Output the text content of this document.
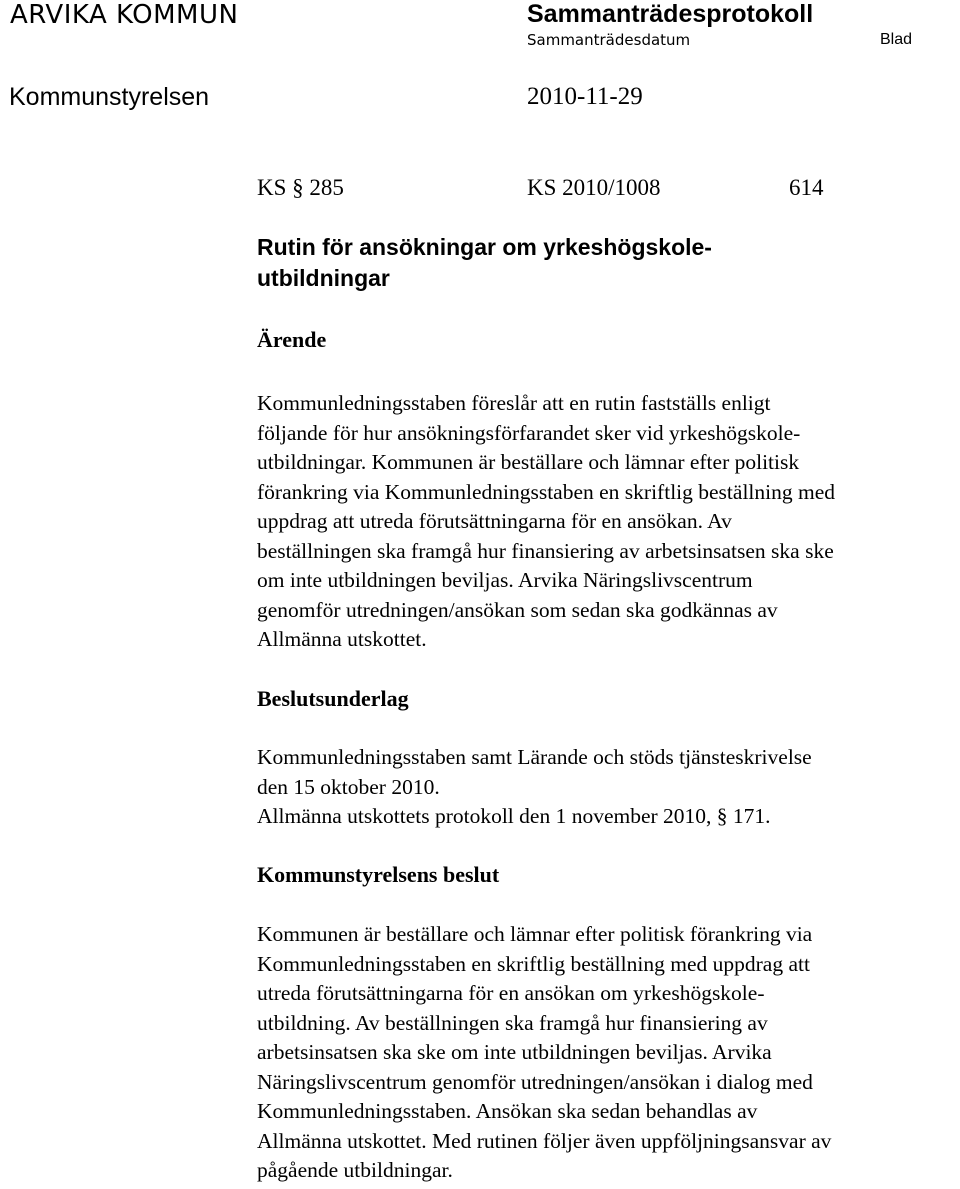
ARVIKA KOMMUN	Sammanträdesprotokoll
Sammanträdesdatum	Blad
Kommunstyrelsen	2010-11-29
KS § 285	KS 2010/1008	614
Rutin för ansökningar om yrkeshögskole-
utbildningar
Ärende
Kommunledningsstaben föreslår att en rutin fastställs enligt
följande för hur ansökningsförfarandet sker vid yrkeshögskole-
utbildningar. Kommunen är beställare och lämnar efter politisk
förankring via Kommunledningsstaben en skriftlig beställning med
uppdrag att utreda förutsättningarna för en ansökan. Av
beställningen ska framgå hur finansiering av arbetsinsatsen ska ske
om inte utbildningen beviljas. Arvika Näringslivscentrum
genomför utredningen/ansökan som sedan ska godkännas av
Allmänna utskottet.
Beslutsunderlag
Kommunledningsstaben samt Lärande och stöds tjänsteskrivelse
den 15 oktober 2010.
Allmänna utskottets protokoll den 1 november 2010, § 171.
Kommunstyrelsens beslut
Kommunen är beställare och lämnar efter politisk förankring via
Kommunledningsstaben en skriftlig beställning med uppdrag att
utreda förutsättningarna för en ansökan om yrkeshögskole-
utbildning. Av beställningen ska framgå hur finansiering av
arbetsinsatsen ska ske om inte utbildningen beviljas. Arvika
Näringslivscentrum genomför utredningen/ansökan i dialog med
Kommunledningsstaben. Ansökan ska sedan behandlas av
Allmänna utskottet. Med rutinen följer även uppföljningsansvar av
pågående utbildningar.
